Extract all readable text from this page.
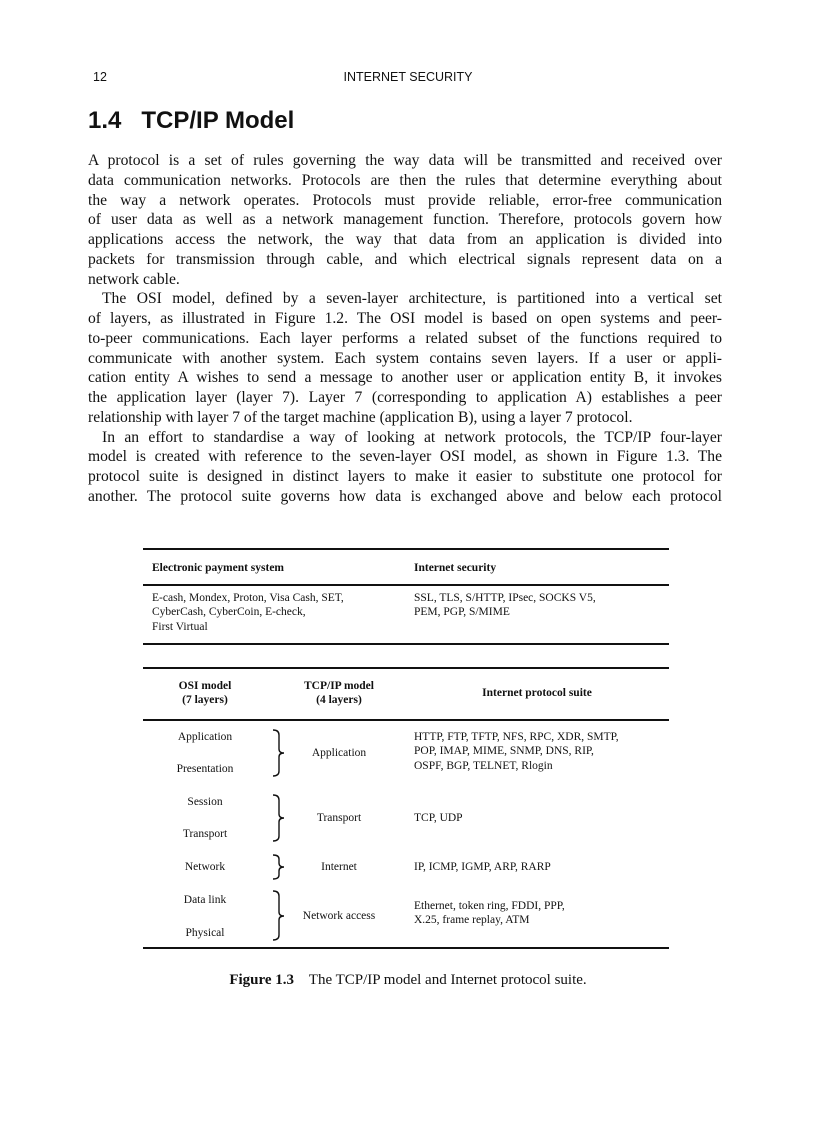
12	INTERNET SECURITY
1.4   TCP/IP Model
A protocol is a set of rules governing the way data will be transmitted and received over
data communication networks. Protocols are then the rules that determine everything about
the way a network operates. Protocols must provide reliable, error-free communication
of user data as well as a network management function. Therefore, protocols govern how
applications access the network, the way that data from an application is divided into
packets for transmission through cable, and which electrical signals represent data on a
network cable.
The OSI model, defined by a seven-layer architecture, is partitioned into a vertical set
of layers, as illustrated in Figure 1.2. The OSI model is based on open systems and peer-
to-peer communications. Each layer performs a related subset of the functions required to
communicate with another system. Each system contains seven layers. If a user or appli-
cation entity A wishes to send a message to another user or application entity B, it invokes
the application layer (layer 7). Layer 7 (corresponding to application A) establishes a peer
relationship with layer 7 of the target machine (application B), using a layer 7 protocol.
In an effort to standardise a way of looking at network protocols, the TCP/IP four-layer
model is created with reference to the seven-layer OSI model, as shown in Figure 1.3. The
protocol suite is designed in distinct layers to make it easier to substitute one protocol for
another. The protocol suite governs how data is exchanged above and below each protocol
Electronic payment system	Internet security
E-cash, Mondex, Proton, Visa Cash, SET,
CyberCash, CyberCoin, E-check,
First Virtual
SSL, TLS, S/HTTP, IPsec, SOCKS V5,
PEM, PGP, S/MIME
OSI model
(7 layers)
TCP/IP model
(4 layers)
Internet protocol suite
Application
Presentation
Session
Transport
Network
Data link
Physical
Application
Transport
Internet
Network access
HTTP, FTP, TFTP, NFS, RPC, XDR, SMTP,
POP, IMAP, MIME, SNMP, DNS, RIP,
OSPF, BGP, TELNET, Rlogin
TCP, UDP
IP, ICMP, IGMP, ARP, RARP
Ethernet, token ring, FDDI, PPP,
X.25, frame replay, ATM
Figure 1.3 The TCP/IP model and Internet protocol suite.
